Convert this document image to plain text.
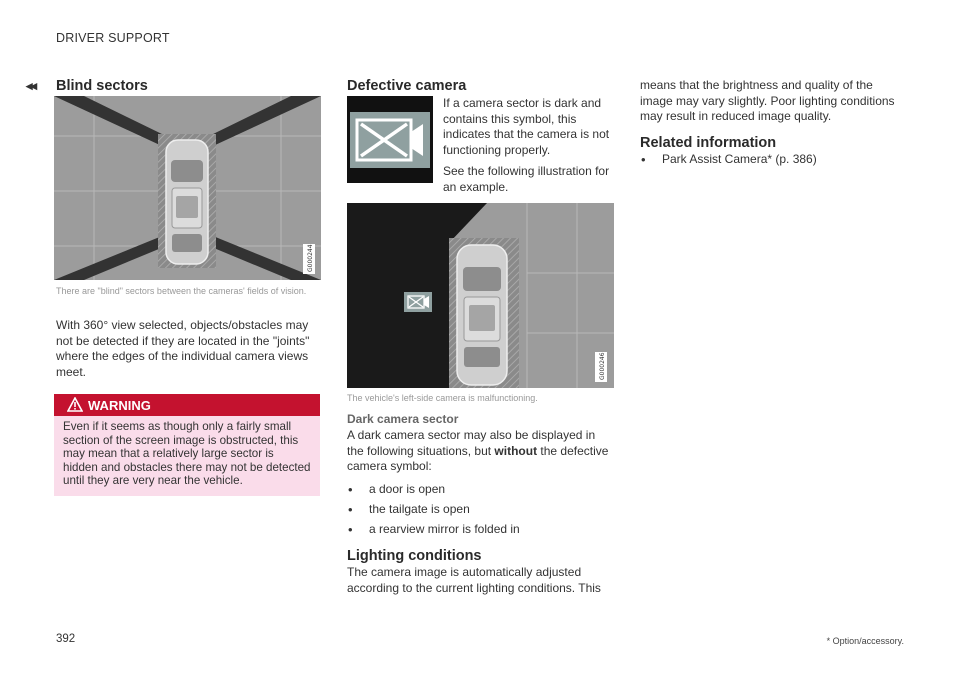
◂◂
DRIVER SUPPORT
Blind sectors
G000244
There are "blind" sectors between the cameras' fields of vision.

With 360° view selected, objects/obstacles may not be detected if they are located in the "joints" where the edges of the individual camera views meet.

WARNING

Even if it seems as though only a fairly small section of the screen image is obstructed, this may mean that a relatively large sector is hidden and obstacles there may not be detected until they are very near the vehicle.

Defective camera

If a camera sector is dark and contains this symbol, this indicates that the camera is not functioning properly.

See the following illustration for an example.

G000246
The vehicle's left-side camera is malfunctioning.
Dark camera sector

A dark camera sector may also be displayed in the following situations, but without the defective camera symbol:

• a door is open
• the tailgate is open
• a rearview mirror is folded in
Lighting conditions

The camera image is automatically adjusted according to the current lighting conditions. This

means that the brightness and quality of the image may vary slightly. Poor lighting conditions may result in reduced image quality.

Related information
• Park Assist Camera* (p. 386)
392	* Option/accessory.
